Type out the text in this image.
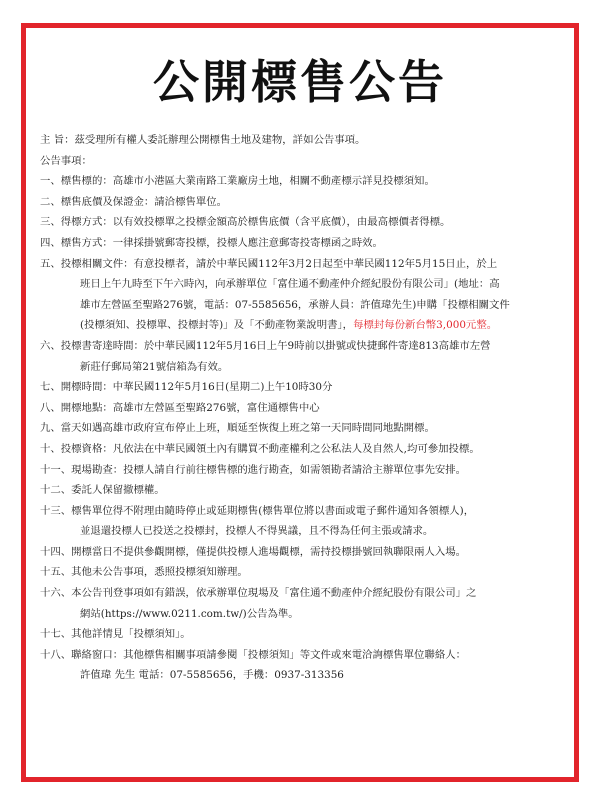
公開標售公告
主 旨：茲受理所有權人委託辦理公開標售土地及建物，詳如公告事項。
公告事項：
一、標售標的：高雄市小港區大業南路工業廠房土地，相關不動產標示詳見投標須知。
二、標售底價及保證金：請洽標售單位。
三、得標方式：以有效投標單之投標金額高於標售底價（含平底價），由最高標價者得標。
四、標售方式：一律採掛號郵寄投標，投標人應注意郵寄投寄標函之時效。
五、投標相關文件：有意投標者，請於中華民國112年3月2日起至中華民國112年5月15日止，於上
班日上午九時至下午六時內，向承辦單位「富住通不動產仲介經紀股份有限公司」(地址：高
雄市左營區至聖路276號，電話：07-5585656，承辦人員：許值瑋先生)申購「投標相關文件
(投標須知、投標單、投標封等)」及「不動產物業說明書」，每標封每份新台幣3,000元整。
六、投標書寄達時間：於中華民國112年5月16日上午9時前以掛號或快捷郵件寄達813高雄市左營
新莊仔郵局第21號信箱為有效。
七、開標時間：中華民國112年5月16日(星期二)上午10時30分
八、開標地點：高雄市左營區至聖路276號，富住通標售中心
九、當天如遇高雄市政府宣布停止上班，順延至恢復上班之第一天同時間同地點開標。
十、投標資格：凡依法在中華民國領土內有購買不動產權利之公私法人及自然人,均可參加投標。
十一、現場勘查：投標人請自行前往標售標的進行勘查，如需領勘者請洽主辦單位事先安排。
十二、委託人保留撤標權。
十三、標售單位得不附理由隨時停止或延期標售(標售單位將以書面或電子郵件通知各領標人)，
並退還投標人已投送之投標封，投標人不得異議，且不得為任何主張或請求。
十四、開標當日不提供參觀開標，僅提供投標人進場觀標，需持投標掛號回執聯限兩人入場。
十五、其他未公告事項，悉照投標須知辦理。
十六、本公告刊登事項如有錯誤，依承辦單位現場及「富住通不動產仲介經紀股份有限公司」之
網站(https://www.0211.com.tw/)公告為準。
十七、其他詳情見「投標須知」。
十八、聯絡窗口：其他標售相關事項請參閱「投標須知」等文件或來電洽詢標售單位聯絡人：
許值瑋 先生 電話：07-5585656，手機：0937-313356
